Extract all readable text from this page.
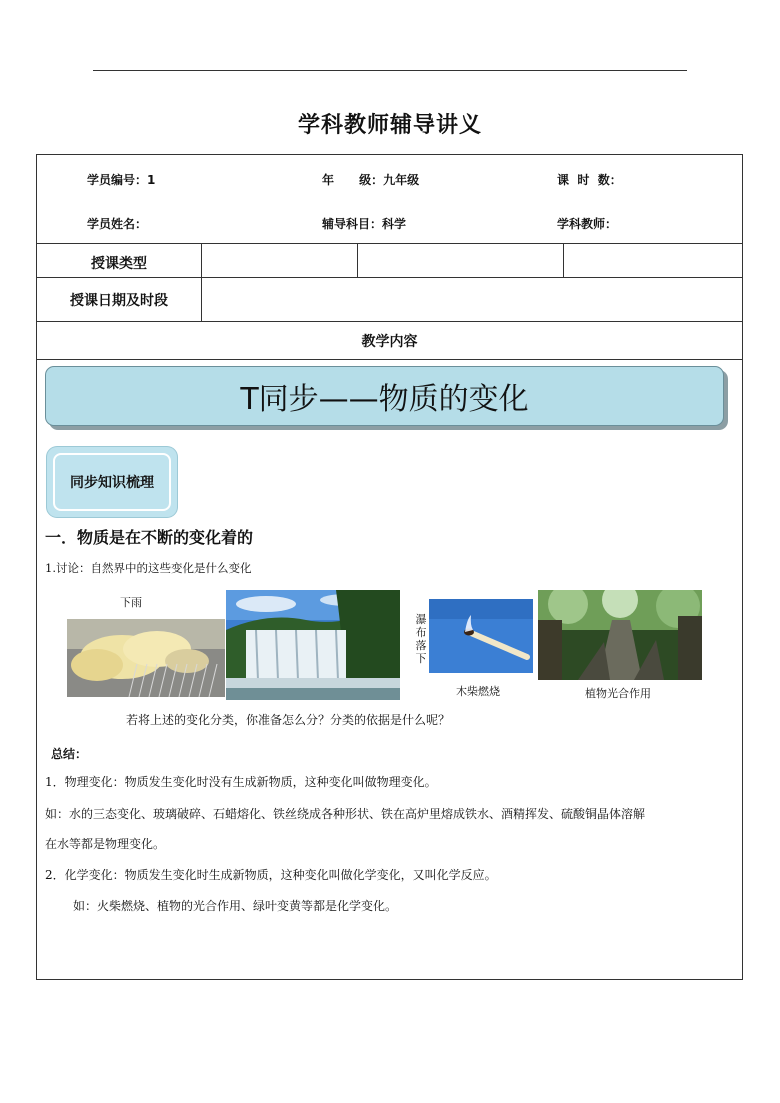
学科教师辅导讲义
学员编号：1	年      级：九年级	课  时  数：
学员姓名：	辅导科目：科学	学科教师：
授课类型
授课日期及时段
教学内容
T同步——物质的变化
同步知识梳理
一．物质是在不断的变化着的
1.讨论：自然界中的这些变化是什么变化
下雨
瀑布落下
木柴燃烧	植物光合作用
若将上述的变化分类，你准备怎么分？分类的依据是什么呢？
总结：
1．物理变化：物质发生变化时没有生成新物质，这种变化叫做物理变化。
如：水的三态变化、玻璃破碎、石蜡熔化、铁丝绕成各种形状、铁在高炉里熔成铁水、酒精挥发、硫酸铜晶体溶解
在水等都是物理变化。
2．化学变化：物质发生变化时生成新物质，这种变化叫做化学变化，又叫化学反应。
如：火柴燃烧、植物的光合作用、绿叶变黄等都是化学变化。
